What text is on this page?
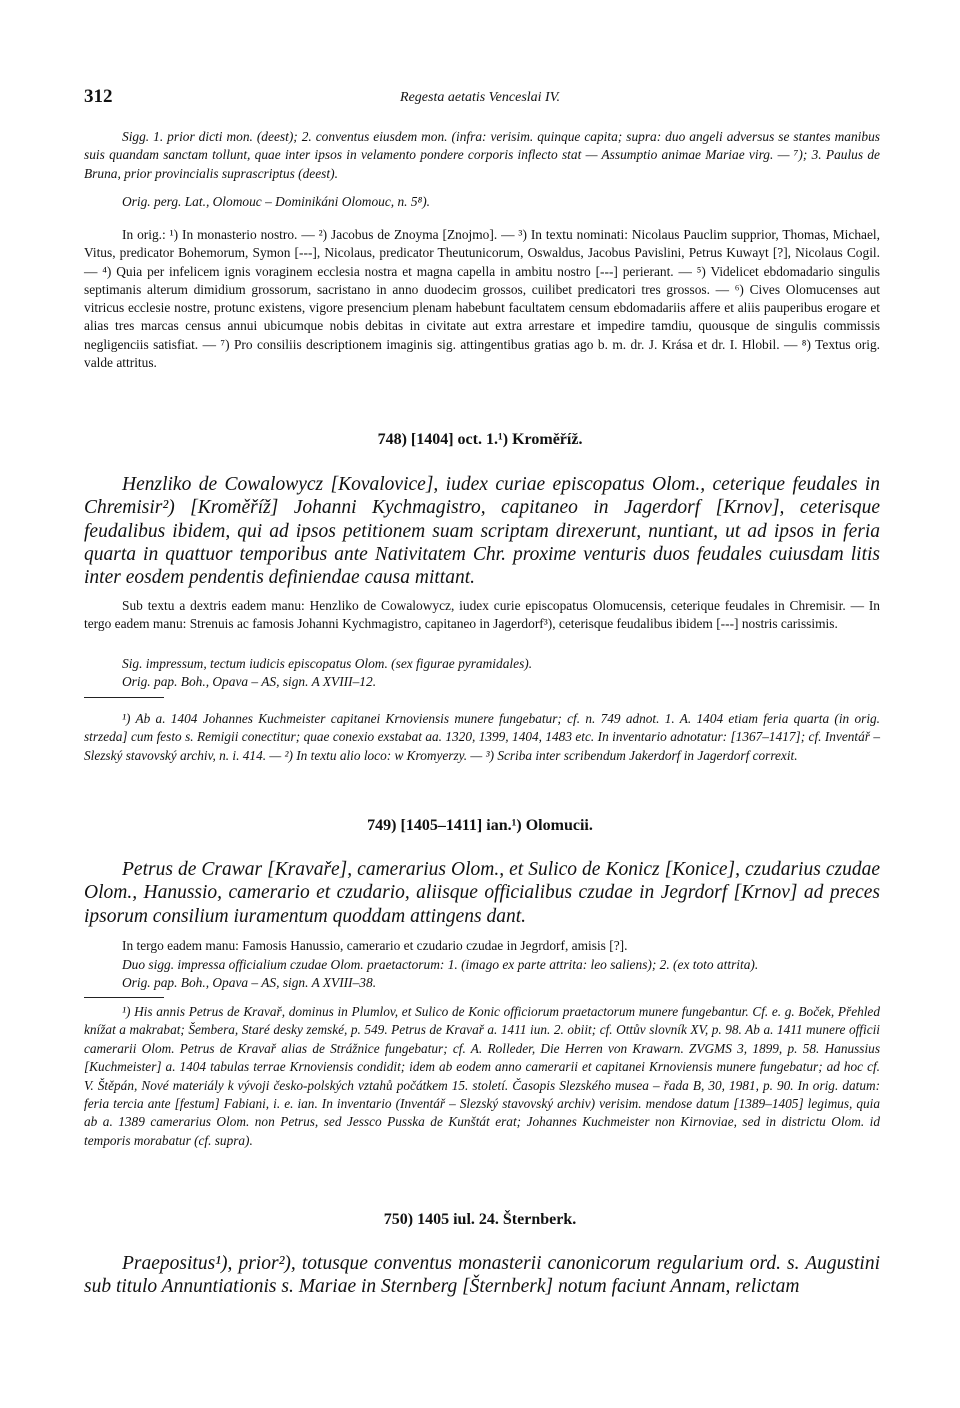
312	Regesta aetatis Venceslai IV.
Sigg. 1. prior dicti mon. (deest); 2. conventus eiusdem mon. (infra: verisim. quinque capita; supra: duo angeli adversus se stantes manibus suis quandam sanctam tollunt, quae inter ipsos in velamento pondere corporis inflecto stat — Assumptio animae Mariae virg. — ⁷); 3. Paulus de Bruna, prior provincialis suprascriptus (deest).
Orig. perg. Lat., Olomouc – Dominikáni Olomouc, n. 5⁸).
In orig.: ¹) In monasterio nostro. — ²) Jacobus de Znoyma [Znojmo]. — ³) In textu nominati: Nicolaus Pauclim supprior, Thomas, Michael, Vitus, predicator Bohemorum, Symon [---], Nicolaus, predicator Theutunicorum, Oswaldus, Jacobus Pavislini, Petrus Kuwayt [?], Nicolaus Cogil. — ⁴) Quia per infelicem ignis voraginem ecclesia nostra et magna capella in ambitu nostro [---] perierant. — ⁵) Videlicet ebdomadario singulis septimanis alterum dimidium grossorum, sacristano in anno duodecim grossos, cuilibet predicatori tres grossos. — ⁶) Cives Olomucenses aut vitricus ecclesie nostre, protunc existens, vigore presencium plenam habebunt facultatem censum ebdomadariis affere et aliis pauperibus erogare et alias tres marcas census annui ubicumque nobis debitas in civitate aut extra arrestare et impedire tamdiu, quousque de singulis commissis negligenciis satisfiat. — ⁷) Pro consiliis descriptionem imaginis sig. attingentibus gratias ago b. m. dr. J. Krása et dr. I. Hlobil. — ⁸) Textus orig. valde attritus.
748) [1404] oct. 1.¹) Kroměříž.
Henzliko de Cowalowycz [Kovalovice], iudex curiae episcopatus Olom., ceterique feudales in Chremisir²) [Kroměříž] Johanni Kychmagistro, capitaneo in Jagerdorf [Krnov], ceterisque feudalibus ibidem, qui ad ipsos petitionem suam scriptam direxerunt, nuntiant, ut ad ipsos in feria quarta in quattuor temporibus ante Nativitatem Chr. proxime venturis duos feudales cuiusdam litis inter eosdem pendentis definiendae causa mittant.
Sub textu a dextris eadem manu: Henzliko de Cowalowycz, iudex curie episcopatus Olomucensis, ceterique feudales in Chremisir. — In tergo eadem manu: Strenuis ac famosis Johanni Kychmagistro, capitaneo in Jagerdorf³), ceterisque feudalibus ibidem [---] nostris carissimis.
Sig. impressum, tectum iudicis episcopatus Olom. (sex figurae pyramidales).
Orig. pap. Boh., Opava – AS, sign. A XVIII–12.
¹) Ab a. 1404 Johannes Kuchmeister capitanei Krnoviensis munere fungebatur; cf. n. 749 adnot. 1. A. 1404 etiam feria quarta (in orig. strzeda] cum festo s. Remigii conectitur; quae conexio exstabat aa. 1320, 1399, 1404, 1483 etc. In inventario adnotatur: [1367–1417]; cf. Inventář – Slezský stavovský archiv, n. i. 414. — ²) In textu alio loco: w Kromyerzy. — ³) Scriba inter scribendum Jakerdorf in Jagerdorf correxit.
749) [1405–1411] ian.¹) Olomucii.
Petrus de Crawar [Kravaře], camerarius Olom., et Sulico de Konicz [Konice], czudarius czudae Olom., Hanussio, camerario et czudario, aliisque officialibus czudae in Jegrdorf [Krnov] ad preces ipsorum consilium iuramentum quoddam attingens dant.
In tergo eadem manu: Famosis Hanussio, camerario et czudario czudae in Jegrdorf, amisis [?].
Duo sigg. impressa officialium czudae Olom. praetactorum: 1. (imago ex parte attrita: leo saliens); 2. (ex toto attrita).
Orig. pap. Boh., Opava – AS, sign. A XVIII–38.
¹) His annis Petrus de Kravař, dominus in Plumlov, et Sulico de Konic officiorum praetactorum munere fungebantur. Cf. e. g. Boček, Přehled knížat a makrabat; Šembera, Staré desky zemské, p. 549. Petrus de Kravař a. 1411 iun. 2. obiit; cf. Ottův slovník XV, p. 98. Ab a. 1411 munere officii camerarii Olom. Petrus de Kravař alias de Strážnice fungebatur; cf. A. Rolleder, Die Herren von Krawarn. ZVGMS 3, 1899, p. 58. Hanussius [Kuchmeister] a. 1404 tabulas terrae Krnoviensis condidit; idem ab eodem anno camerarii et capitanei Krnoviensis munere fungebatur; ad hoc cf. V. Štěpán, Nové materiály k vývoji česko-polských vztahů počátkem 15. století. Časopis Slezského musea – řada B, 30, 1981, p. 90. In orig. datum: feria tercia ante [festum] Fabiani, i. e. ian. In inventario (Inventář – Slezský stavovský archiv) verisim. mendose datum [1389–1405] legimus, quia ab a. 1389 camerarius Olom. non Petrus, sed Jessco Pusska de Kunštát erat; Johannes Kuchmeister non Kirnoviae, sed in districtu Olom. id temporis morabatur (cf. supra).
750) 1405 iul. 24. Šternberk.
Praepositus¹), prior²), totusque conventus monasterii canonicorum regularium ord. s. Augustini sub titulo Annuntiationis s. Mariae in Sternberg [Šternberk] notum faciunt Annam, relictam
